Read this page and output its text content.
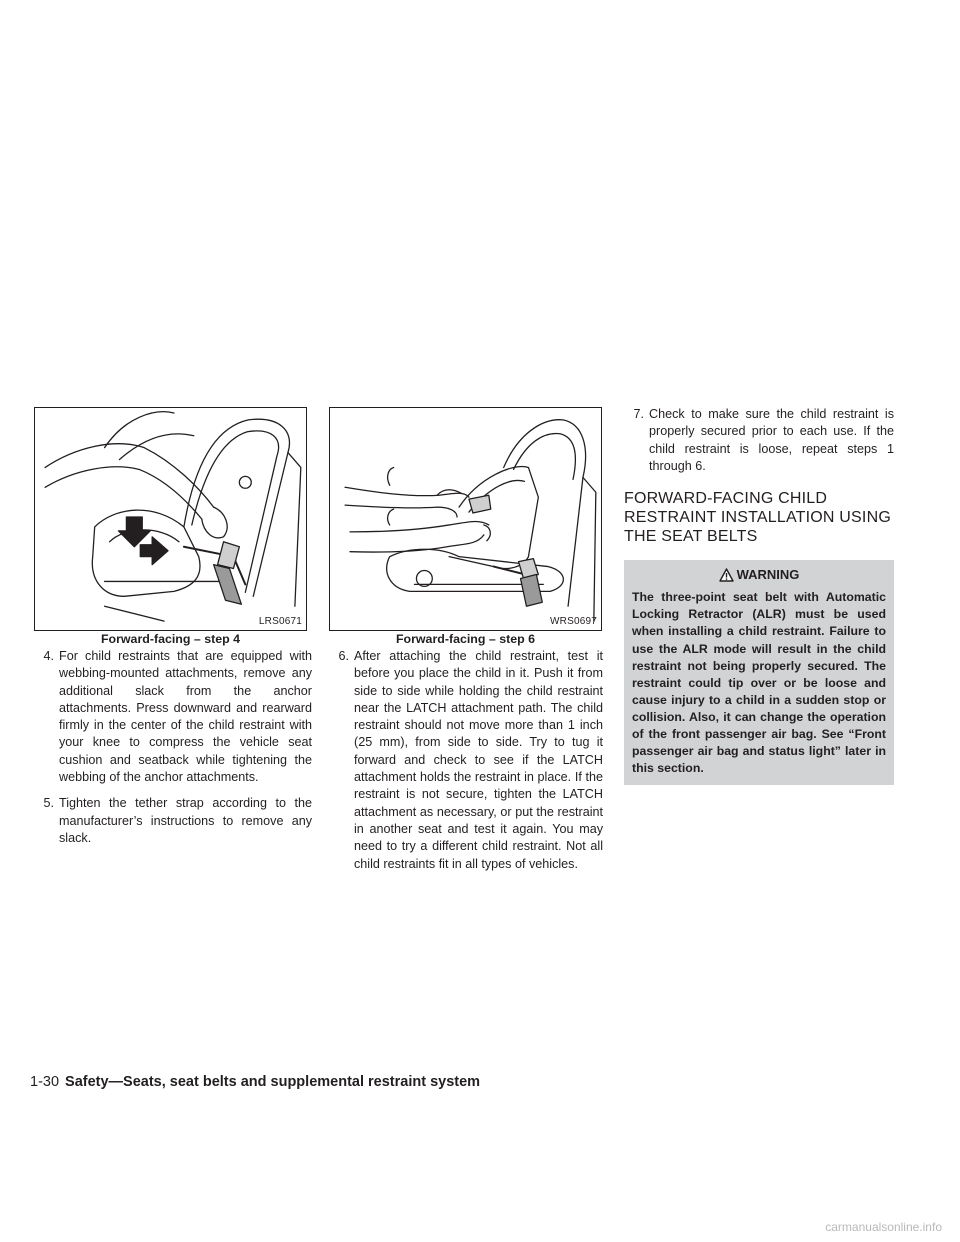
LRS0671
Forward-facing – step 4
WRS0697
Forward-facing – step 6
4. For child restraints that are equipped with webbing-mounted attachments, remove any additional slack from the anchor attachments. Press downward and rearward firmly in the center of the child restraint with your knee to compress the vehicle seat cushion and seatback while tightening the webbing of the anchor attachments.
5. Tighten the tether strap according to the manufacturer’s instructions to remove any slack.
6. After attaching the child restraint, test it before you place the child in it. Push it from side to side while holding the child restraint near the LATCH attachment path. The child restraint should not move more than 1 inch (25 mm), from side to side. Try to tug it forward and check to see if the LATCH attachment holds the restraint in place. If the restraint is not secure, tighten the LATCH attachment as necessary, or put the restraint in another seat and test it again. You may need to try a different child restraint. Not all child restraints fit in all types of vehicles.
7. Check to make sure the child restraint is properly secured prior to each use. If the child restraint is loose, repeat steps 1 through 6.
FORWARD-FACING CHILD RESTRAINT INSTALLATION USING THE SEAT BELTS
WARNING
The three-point seat belt with Automatic Locking Retractor (ALR) must be used when installing a child restraint. Failure to use the ALR mode will result in the child restraint not being properly secured. The restraint could tip over or be loose and cause injury to a child in a sudden stop or collision. Also, it can change the operation of the front passenger air bag. See “Front passenger air bag and status light” later in this section.
1-30 Safety—Seats, seat belts and supplemental restraint system
carmanualsonline.info
